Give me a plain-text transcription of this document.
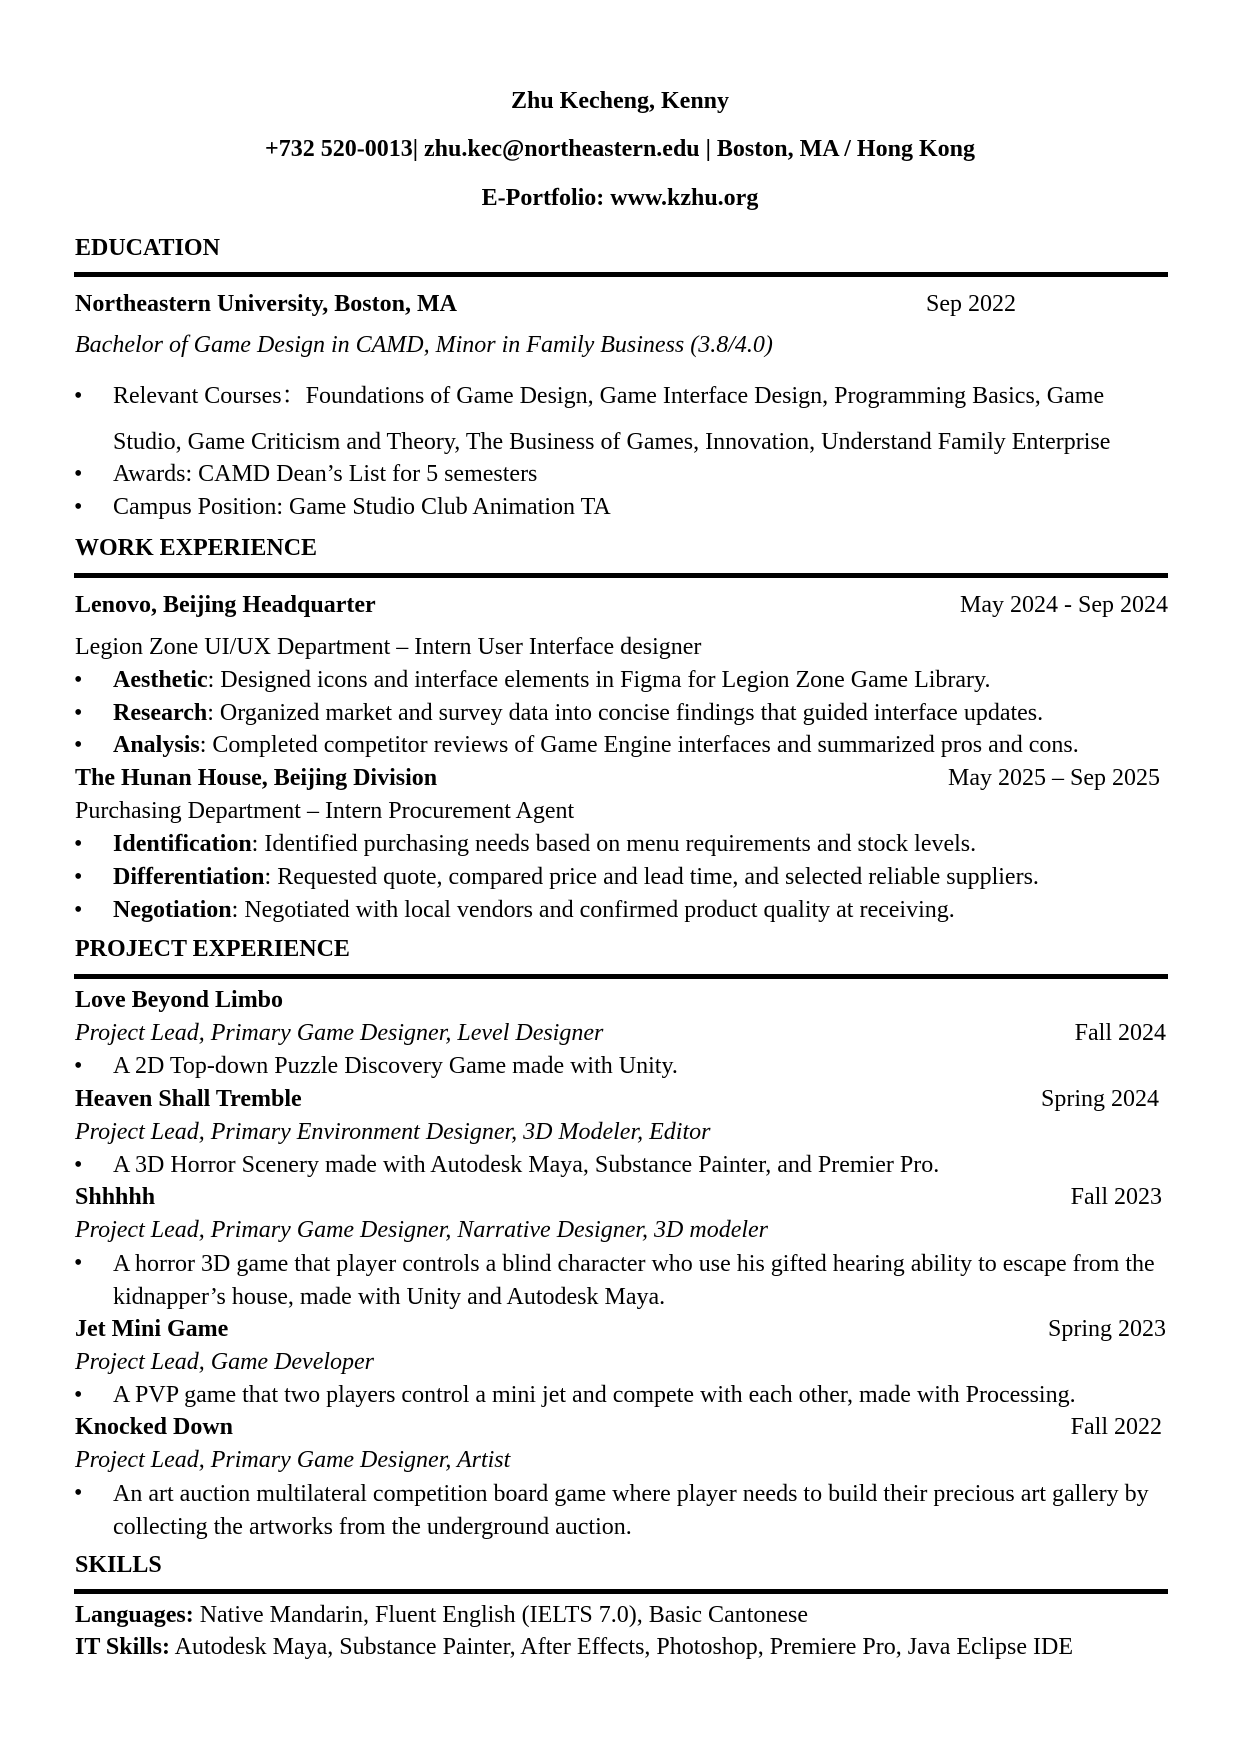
Zhu Kecheng, Kenny
+732 520-0013| zhu.kec@northeastern.edu | Boston, MA / Hong Kong
E-Portfolio: www.kzhu.org
EDUCATION
Northeastern University, Boston, MA	Sep 2022
Bachelor of Game Design in CAMD, Minor in Family Business (3.8/4.0)
• Relevant Courses：Foundations of Game Design, Game Interface Design, Programming Basics, Game
Studio, Game Criticism and Theory, The Business of Games, Innovation, Understand Family Enterprise
• Awards: CAMD Dean’s List for 5 semesters
• Campus Position: Game Studio Club Animation TA
WORK EXPERIENCE
Lenovo, Beijing Headquarter	May 2024 - Sep 2024
Legion Zone UI/UX Department – Intern User Interface designer
• Aesthetic: Designed icons and interface elements in Figma for Legion Zone Game Library.
• Research: Organized market and survey data into concise findings that guided interface updates.
• Analysis: Completed competitor reviews of Game Engine interfaces and summarized pros and cons.
The Hunan House, Beijing Division	May 2025 – Sep 2025
Purchasing Department – Intern Procurement Agent
• Identification: Identified purchasing needs based on menu requirements and stock levels.
• Differentiation: Requested quote, compared price and lead time, and selected reliable suppliers.
• Negotiation: Negotiated with local vendors and confirmed product quality at receiving.
PROJECT EXPERIENCE
Love Beyond Limbo
Project Lead, Primary Game Designer, Level Designer	Fall 2024
• A 2D Top-down Puzzle Discovery Game made with Unity.
Heaven Shall Tremble	Spring 2024
Project Lead, Primary Environment Designer, 3D Modeler, Editor
• A 3D Horror Scenery made with Autodesk Maya, Substance Painter, and Premier Pro.
Shhhhh	Fall 2023
Project Lead, Primary Game Designer, Narrative Designer, 3D modeler
• A horror 3D game that player controls a blind character who use his gifted hearing ability to escape from the kidnapper’s house, made with Unity and Autodesk Maya.
Jet Mini Game	Spring 2023
Project Lead, Game Developer
• A PVP game that two players control a mini jet and compete with each other, made with Processing.
Knocked Down	Fall 2022
Project Lead, Primary Game Designer, Artist
• An art auction multilateral competition board game where player needs to build their precious art gallery by collecting the artworks from the underground auction.
SKILLS
Languages: Native Mandarin, Fluent English (IELTS 7.0), Basic Cantonese
IT Skills: Autodesk Maya, Substance Painter, After Effects, Photoshop, Premiere Pro, Java Eclipse IDE
